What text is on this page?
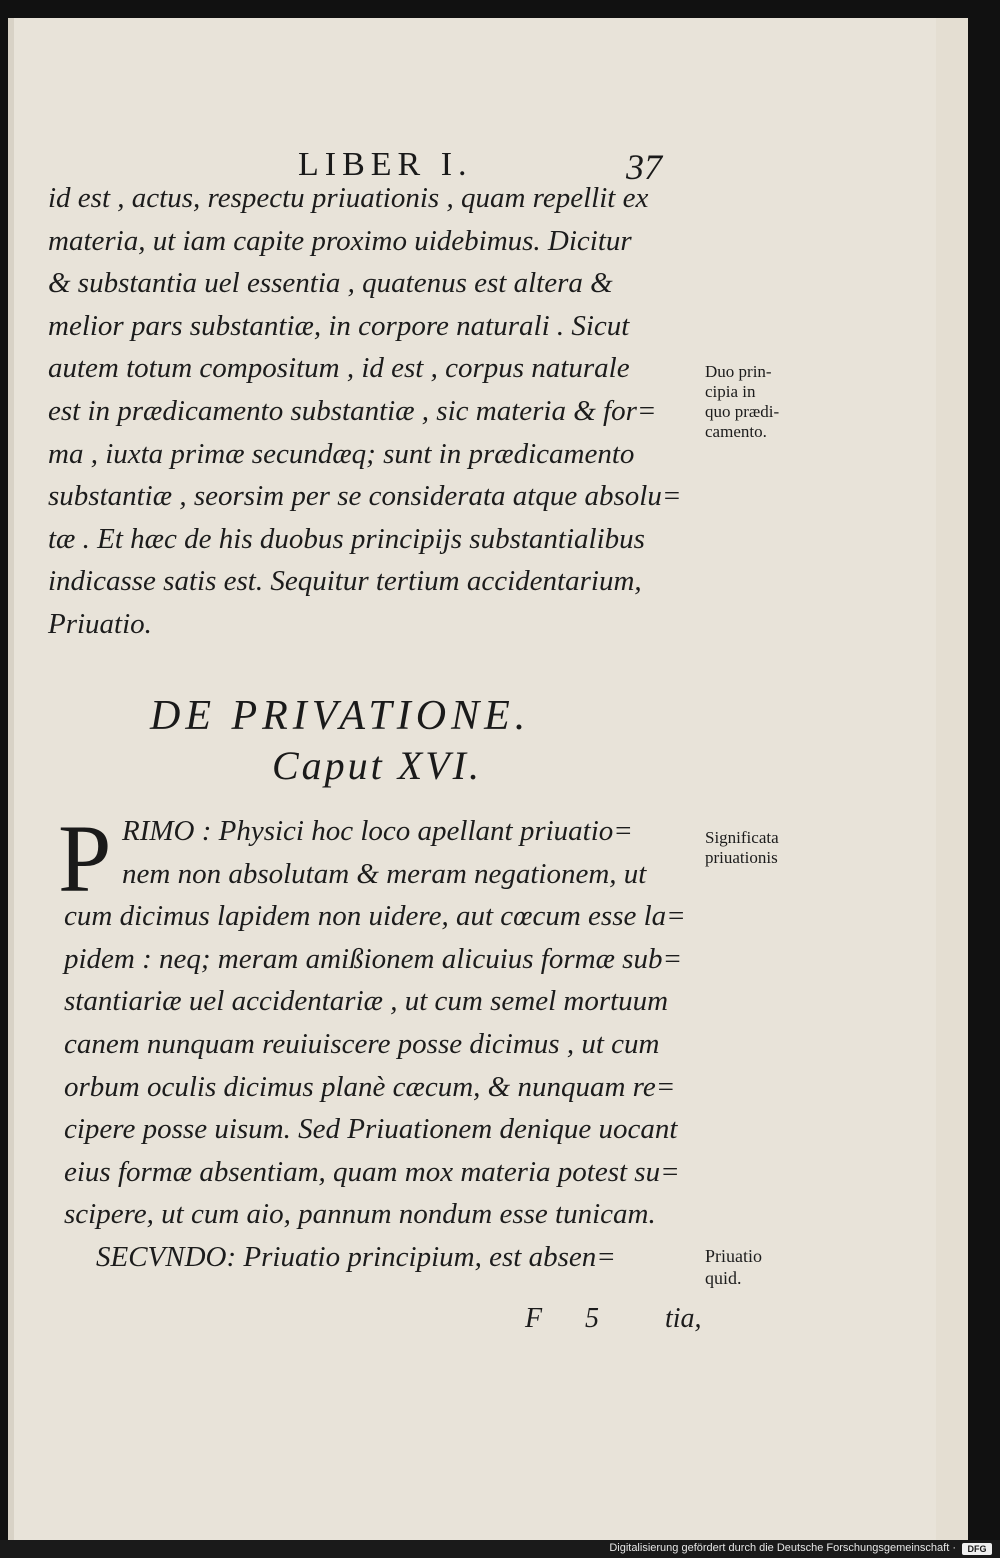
LIBER I.	37
id est , actus, respectu priuationis , quam repellit ex
materia, ut iam capite proximo uidebimus. Dicitur
& substantia uel essentia , quatenus est altera &
melior pars substantiæ, in corpore naturali . Sicut
autem totum compositum , id est , corpus naturale
est in prædicamento substantiæ , sic materia & for=
ma , iuxta primæ secundæq; sunt in prædicamento
substantiæ , seorsim per se considerata atque absolu=
tæ . Et hæc de his duobus principijs substantialibus
indicasse satis est. Sequitur tertium accidentarium,
Priuatio.
Duo prin-
cipia in
quo prædi-
camento.
DE PRIVATIONE.
Caput XVI.
P RIMO : Physici hoc loco apellant priuatio=
nem non absolutam & meram negationem, ut
cum dicimus lapidem non uidere, aut cœcum esse la=
pidem : neq; meram amißionem alicuius formæ sub=
stantiariæ uel accidentariæ , ut cum semel mortuum
canem nunquam reuiuiscere posse dicimus , ut cum
orbum oculis dicimus planè cæcum, & nunquam re=
cipere posse uisum. Sed Priuationem denique uocant
eius formæ absentiam, quam mox materia potest su=
scipere, ut cum aio, pannum nondum esse tunicam.
SECVNDO: Priuatio principium, est absen=
Significata
priuationis
Priuatio
quid.
F 5 tia,
Digitalisierung gefördert durch die Deutsche Forschungsgemeinschaft ·	DFG
